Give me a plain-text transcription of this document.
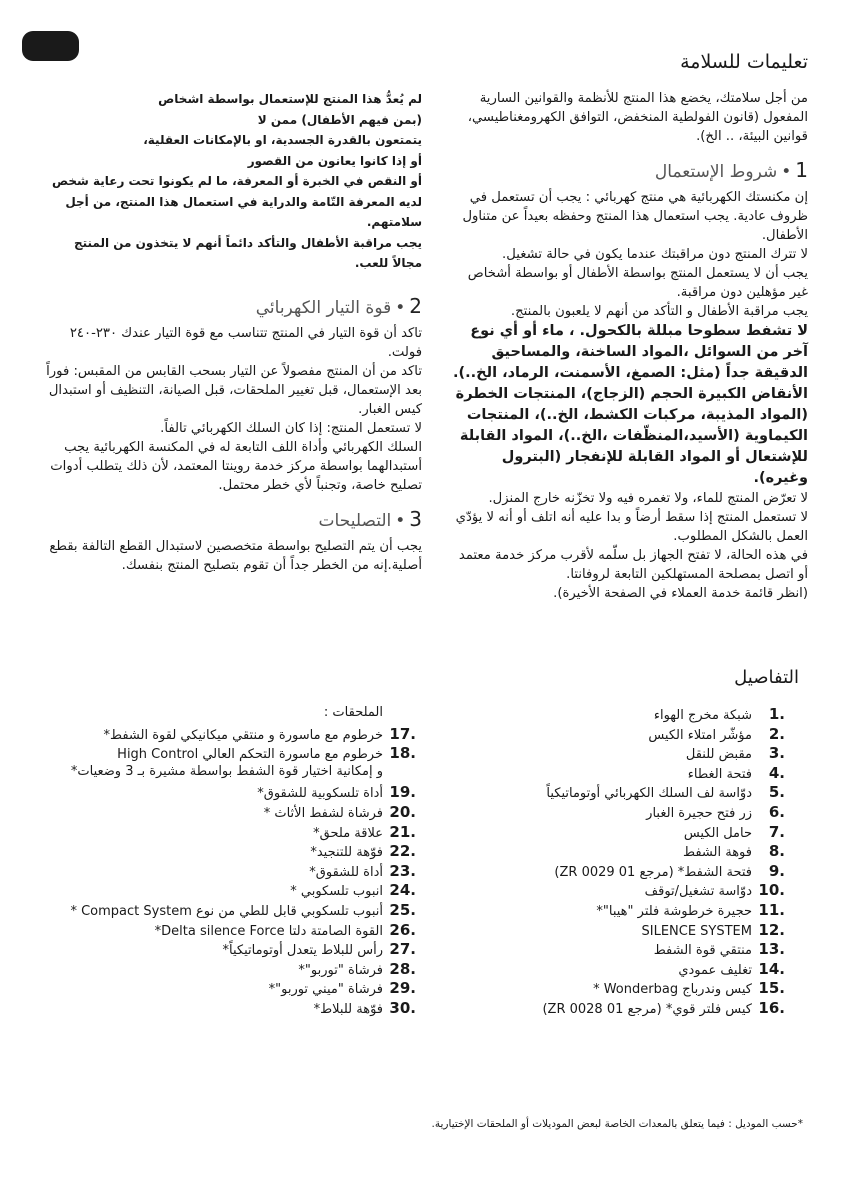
تعليمات للسلامة

من أجل سلامتك، يخضع هذا المنتج للأنظمة والقوانين السارية المفعول (قانون الفولطية المنخفض، التوافق الكهرومغناطيسي، قوانين البيئة، .. الخ).

1•شروط الإستعمال

إن مكنستك الكهربائية هي منتج كهربائي : يجب أن تستعمل في ظروف عادية. يجب استعمال هذا المنتج وحفظه بعيداً عن متناول الأطفال.

لا تترك المنتج دون مراقبتك عندما يكون في حالة تشغيل.

يجب أن لا يستعمل المنتج بواسطة الأطفال أو بواسطة أشخاص غير مؤهلين دون مراقبة.

يجب مراقبة الأطفال و التأكد من أنهم لا يلعبون بالمنتج.

لا تشفط سطوحا مبللة بالكحول. ، ماء أو أي نوع آخر من السوائل ،المواد الساخنة، والمساحيق الدقيقة جداً (مثل: الصمغ، الأسمنت، الرماد، الخ..). الأنقاض الكبيرة الحجم (الزجاج)، المنتجات الخطرة (المواد المذيبة، مركبات الكشط، الخ..)، المنتجات الكيماوية (الأسيد،المنظّفات ،الخ..)، المواد القابلة للإشتعال أو المواد القابلة للإنفجار (البترول وغيره).

لا تعرّض المنتج للماء، ولا تغمره فيه ولا تخزّنه خارج المنزل.

لا تستعمل المنتج إذا سقط أرضاً و بدا عليه أنه اتلف أو أنه لا يؤدّي العمل بالشكل المطلوب.

في هذه الحالة، لا تفتح الجهاز بل سلّمه لأقرب مركز خدمة معتمد أو اتصل بمصلحة المستهلكين التابعة لروفانتا.

(انظر قائمة خدمة العملاء في الصفحة الأخيرة).

لم يُعدُّ هذا المنتج للإستعمال بواسطة اشخاص

(بمن فيهم الأطفال) ممن لا

يتمتعون بالقدرة الجسدية، او بالإمكانات العقلية،

أو إذا كانوا يعانون من القصور

أو النقص في الخبرة أو المعرفة، ما لم يكونوا تحت رعاية شخص

لديه المعرفة التّامة والدراية في استعمال هذا المنتج، من أجل سلامتهم.

يجب مراقبة الأطفال والتأكد دائماً أنهم لا يتخذون من المنتج مجالاً للعب.

2•قوة التيار الكهربائي

تاكد أن قوة التيار في المنتج تتناسب مع قوة التيار عندك ٢٣٠-٢٤٠ فولت.

تاكد من أن المنتج مفصولاً عن التيار بسحب القابس من المقبس: فوراً بعد الإستعمال، قبل تغيير الملحقات، قبل الصيانة، التنظيف أو استبدال كيس الغبار.

لا تستعمل المنتج: إذا كان السلك الكهربائي تالفاً.

السلك الكهربائي وأداة اللف التابعة له في المكنسة الكهربائية يجب أستبدالهما بواسطة مركز خدمة روينتا المعتمد، لأن ذلك يتطلب أدوات تصليح خاصة، وتجنباً لأي خطر محتمل.

3•التصليحات

يجب أن يتم التصليح بواسطة متخصصين لاستبدال القطع التالفة بقطع أصلية.إنه من الخطر جداً أن تقوم بتصليح المنتج بنفسك.

التفاصيل
1.
شبكة مخرج الهواء
2.
مؤشّر امتلاء الكيس
3.
مقبض للنقل
4.
فتحة الغطاء
5.
دوّاسة لف السلك الكهربائي أوتوماتيكياً
6.
زر فتح حجيرة الغبار
7.
حامل الكيس
8.
فوهة الشفط
9.
فتحة الشفط* (مرجع ZR 0029 01)
10.
دوّاسة تشغيل/توقف
11.
حجيرة خرطوشة فلتر "هيبا"*
12.
SILENCE SYSTEM
13.
منتقي قوة الشفط
14.
تغليف عمودي
15.
كيس وندرباج Wonderbag *
16.
كيس فلتر قوي* (مرجع ZR 0028 01)
الملحقات :
17.
خرطوم مع ماسورة و منتقي ميكانيكي لقوة الشفط*
18.
خرطوم مع ماسورة التحكم العالي High Control
و إمكانية اختيار قوة الشفط بواسطة مشيرة بـ 3 وضعيات*
19.
أداة تلسكوبية للشقوق*
20.
فرشاة لشفط الأثاث *
21.
علاقة ملحق*
22.
فوّهة للتنجيد*
23.
أداة للشقوق*
24.
انبوب تلسكوبي *
25.
أنبوب تلسكوبي قابل للطي من نوع Compact System *
26.
القوة الصامتة دلتا Delta silence Force*
27.
رأس للبلاط يتعدل أوتوماتيكياً*
28.
فرشاة "توربو"*
29.
فرشاة "ميني توربو"*
30.
فوّهة للبلاط*

*حسب الموديل : فيما يتعلق بالمعدات الخاصة لبعض الموديلات أو الملحقات الإختيارية.
